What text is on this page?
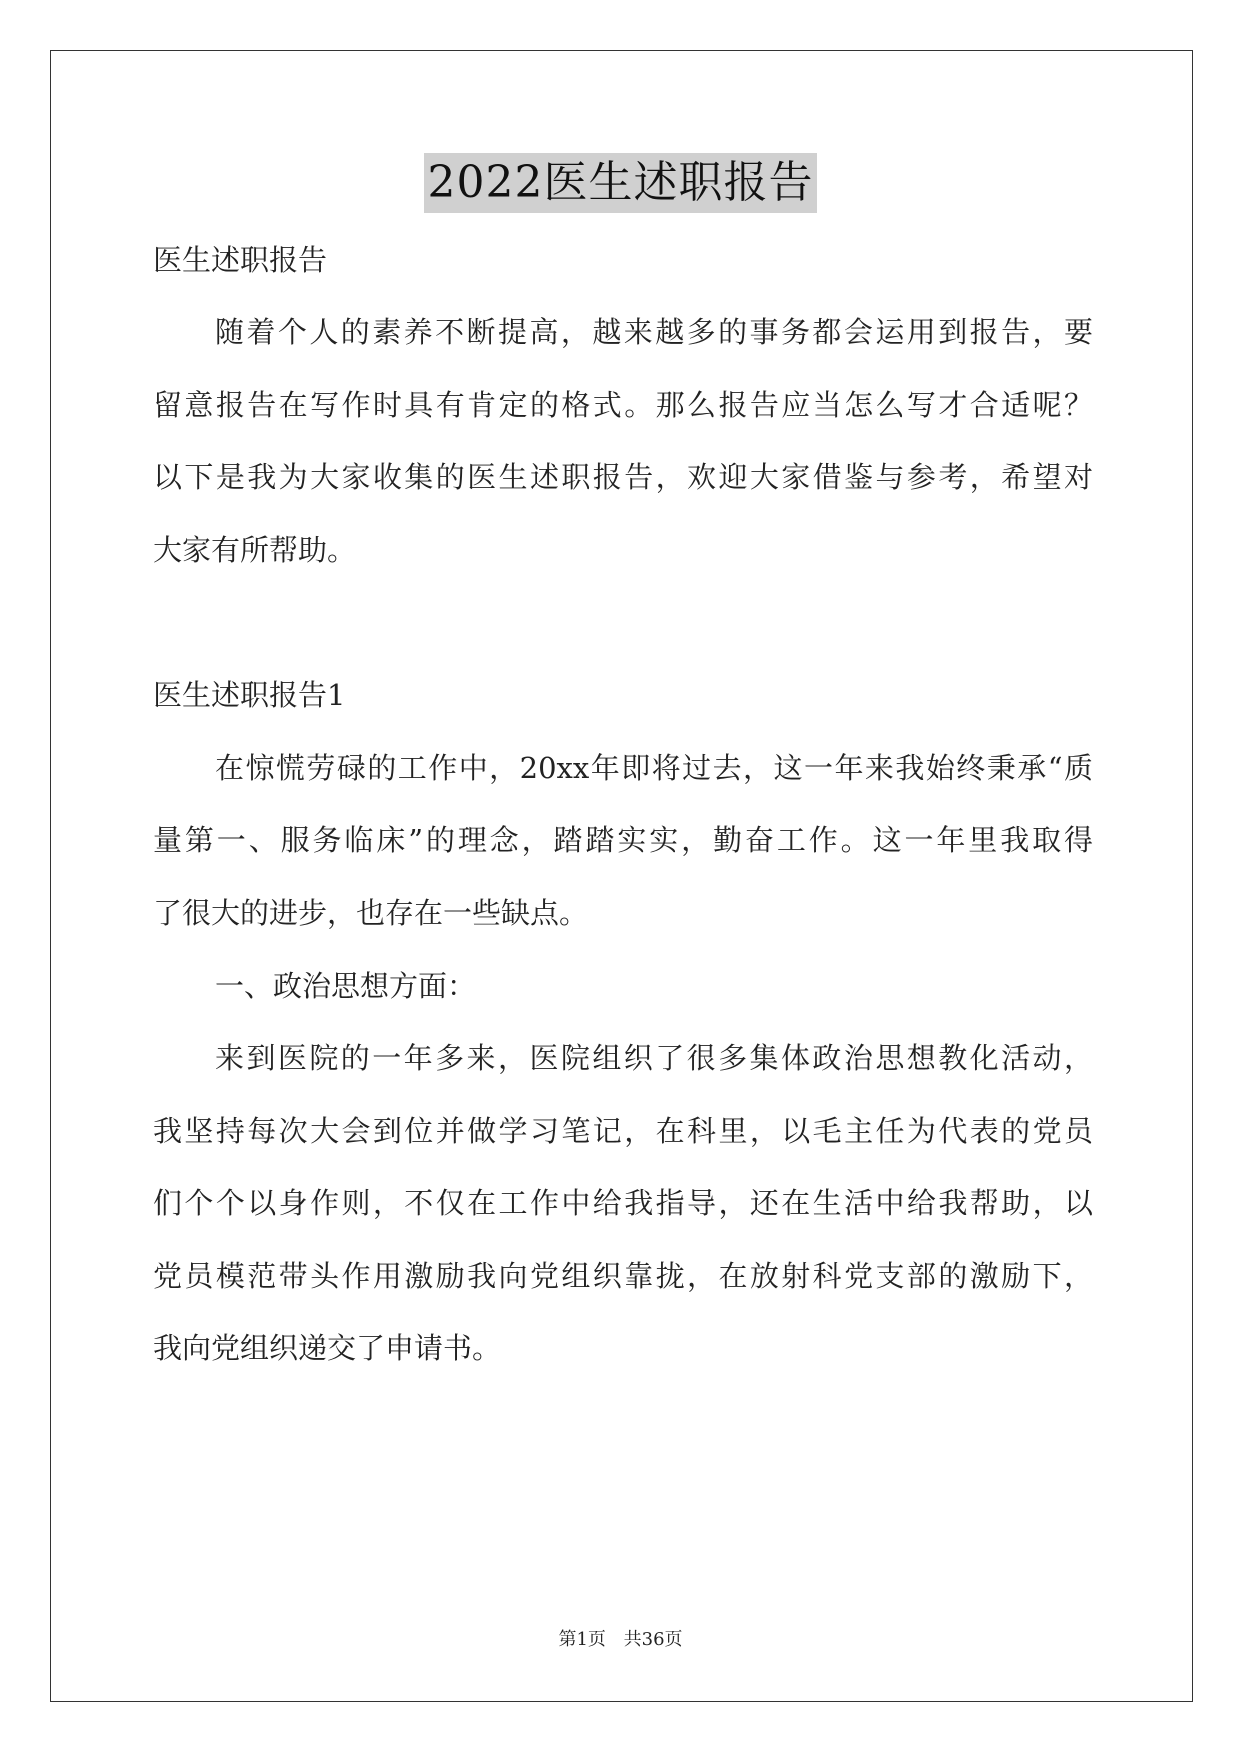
2022医生述职报告
医生述职报告
随着个人的素养不断提高，越来越多的事务都会运用到报告，要
留意报告在写作时具有肯定的格式。那么报告应当怎么写才合适呢？
以下是我为大家收集的医生述职报告，欢迎大家借鉴与参考，希望对
大家有所帮助。
医生述职报告1
在惊慌劳碌的工作中，20xx年即将过去，这一年来我始终秉承“质
量第一、服务临床”的理念，踏踏实实，勤奋工作。这一年里我取得
了很大的进步，也存在一些缺点。
一、政治思想方面：
来到医院的一年多来，医院组织了很多集体政治思想教化活动，
我坚持每次大会到位并做学习笔记，在科里，以毛主任为代表的党员
们个个以身作则，不仅在工作中给我指导，还在生活中给我帮助，以
党员模范带头作用激励我向党组织靠拢，在放射科党支部的激励下，
我向党组织递交了申请书。
第1页 共36页
